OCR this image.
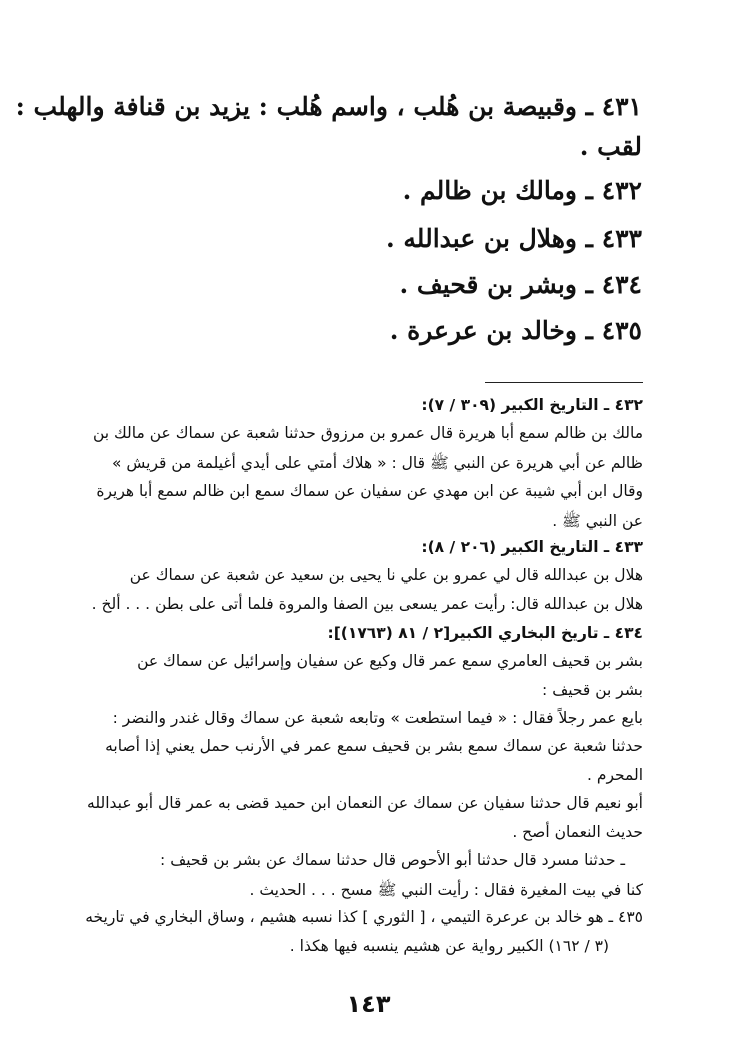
٤٣١ ـ وقبيصة بن هُلب ، واسم هُلب : يزيد بن قنافة والهلب :
لقب .
٤٣٢ ـ ومالك بن ظالم .
٤٣٣ ـ وهلال بن عبدالله .
٤٣٤ ـ وبشر بن قحيف .
٤٣٥ ـ وخالد بن عرعرة .
٤٣٢ ـ التاريخ الكبير (٣٠٩ / ٧):
مالك بن ظالم سمع أبا هريرة قال عمرو بن مرزوق حدثنا شعبة عن سماك عن مالك بن
ظالم عن أبي هريرة عن النبي ﷺ قال : « هلاك أمتي على أيدي أغيلمة من قريش »
وقال ابن أبي شيبة عن ابن مهدي عن سفيان عن سماك سمع ابن ظالم سمع أبا هريرة
عن النبي ﷺ .
٤٣٣ ـ التاريخ الكبير (٢٠٦ / ٨):
هلال بن عبدالله قال لي عمرو بن علي نا يحيى بن سعيد عن شعبة عن سماك عن
هلال بن عبدالله قال: رأيت عمر يسعى بين الصفا والمروة فلما أتى على بطن . . . ألخ .
٤٣٤ ـ تاريخ البخاري الكبير[٢ / ٨١ (١٧٦٣)]:
بشر بن قحيف العامري سمع عمر قال وكيع عن سفيان وإسرائيل عن سماك عن
بشر بن قحيف :
بايع عمر رجلاً فقال : « فيما استطعت » وتابعه شعبة عن سماك وقال غندر والنضر :
حدثنا شعبة عن سماك سمع بشر بن قحيف سمع عمر في الأرنب حمل يعني إذا أصابه
المحرم .
أبو نعيم قال حدثنا سفيان عن سماك عن النعمان ابن حميد قضى به عمر قال أبو عبدالله
حديث النعمان أصح .
ـ حدثنا مسرد قال حدثنا أبو الأحوص قال حدثنا سماك عن بشر بن قحيف :
كنا في بيت المغيرة فقال : رأيت النبي ﷺ مسح . . . الحديث .
٤٣٥ ـ هو خالد بن عرعرة التيمي ، [ الثوري ] كذا نسبه هشيم ، وساق البخاري في تاريخه
(٣ / ١٦٢) الكبير رواية عن هشيم ينسبه فيها هكذا .
١٤٣
